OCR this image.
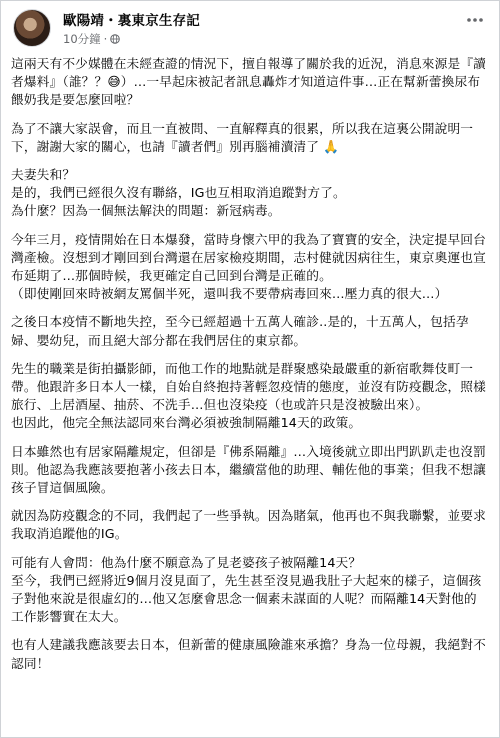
歐陽靖・裏東京生存記
10分鐘 ·

這兩天有不少媒體在未經查證的情況下，擅自報導了關於我的近況，消息來源是『讀者爆料』（誰？？😅）…一早起床被記者訊息轟炸才知道這件事…正在幫新蕾換尿布餵奶我是要怎麼回啦？

為了不讓大家誤會，而且一直被問、一直解釋真的很累，所以我在這裏公開說明一下，謝謝大家的關心，也請『讀者們』別再腦補瀆清了 🙏

夫妻失和？
是的，我們已經很久沒有聯絡，IG也互相取消追蹤對方了。
為什麼？因為一個無法解決的問題：新冠病毒。

今年三月，疫情開始在日本爆發，當時身懷六甲的我為了寶寶的安全，決定提早回台灣產檢。沒想到才剛回到台灣還在居家檢疫期間，志村健就因病往生，東京奧運也宣布延期了…那個時候，我更確定自己回到台灣是正確的。
（即使剛回來時被網友罵個半死，還叫我不要帶病毒回來…壓力真的很大…）

之後日本疫情不斷地失控，至今已經超過十五萬人確診..是的，十五萬人，包括孕婦、嬰幼兒，而且絕大部分都在我們居住的東京都。

先生的職業是街拍攝影師，而他工作的地點就是群聚感染最嚴重的新宿歌舞伎町一帶。他跟許多日本人一樣，自始自終抱持著輕忽疫情的態度，並沒有防疫觀念，照樣旅行、上居酒屋、抽菸、不洗手…但也沒染疫（也或許只是沒被驗出來）。
也因此，他完全無法認同來台灣必須被強制隔離14天的政策。

日本雖然也有居家隔離規定，但卻是『佛系隔離』…入境後就立即出門趴趴走也沒罰則。他認為我應該要抱著小孩去日本，繼續當他的助理、輔佐他的事業；但我不想讓孩子冒這個風險。

就因為防疫觀念的不同，我們起了一些爭執。因為賭氣，他再也不與我聯繫，並要求我取消追蹤他的IG。

可能有人會問：他為什麼不願意為了見老婆孩子被隔離14天？
至今，我們已經將近9個月沒見面了，先生甚至沒見過我肚子大起來的樣子，這個孩子對他來說是很虛幻的…他又怎麼會思念一個素未謀面的人呢？而隔離14天對他的工作影響實在太大。

也有人建議我應該要去日本，但新蕾的健康風險誰來承擔？身為一位母親，我絕對不認同！
